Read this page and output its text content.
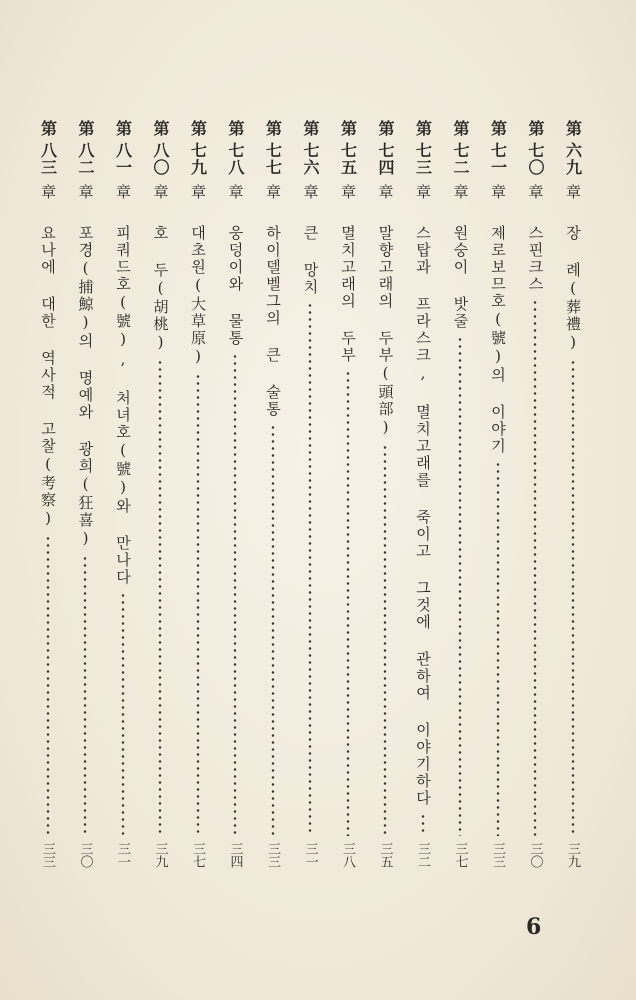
第
六九
章
장 례(葬禮)
三九
第
七〇
章
스핀크스
三〇
第
七一
章
제로보므호(號)의 이야기
三三
第
七二
章
원숭이 밧줄
三七
第
七三
章
스탑과 프라스크, 멸치고래를 죽이고 그것에 관하여 이야기하다
三二
第
七四
章
말향고래의 두부(頭部)
三五
第
七五
章
멸치고래의 두부
三八
第
七六
章
큰 망치
三一
第
七七
章
하이델벨그의 큰 술통
三三
第
七八
章
웅덩이와 물통
三四
第
七九
章
대초원(大草原)
三七
第
八〇
章
호 두(胡桃)
三九
第
八一
章
피쿼드호(號), 처녀호(號)와 만나다
三一
第
八二
章
포경(捕鯨)의 명예와 광희(狂喜)
三〇
第
八三
章
요나에 대한 역사적 고찰(考察)
三三
6
